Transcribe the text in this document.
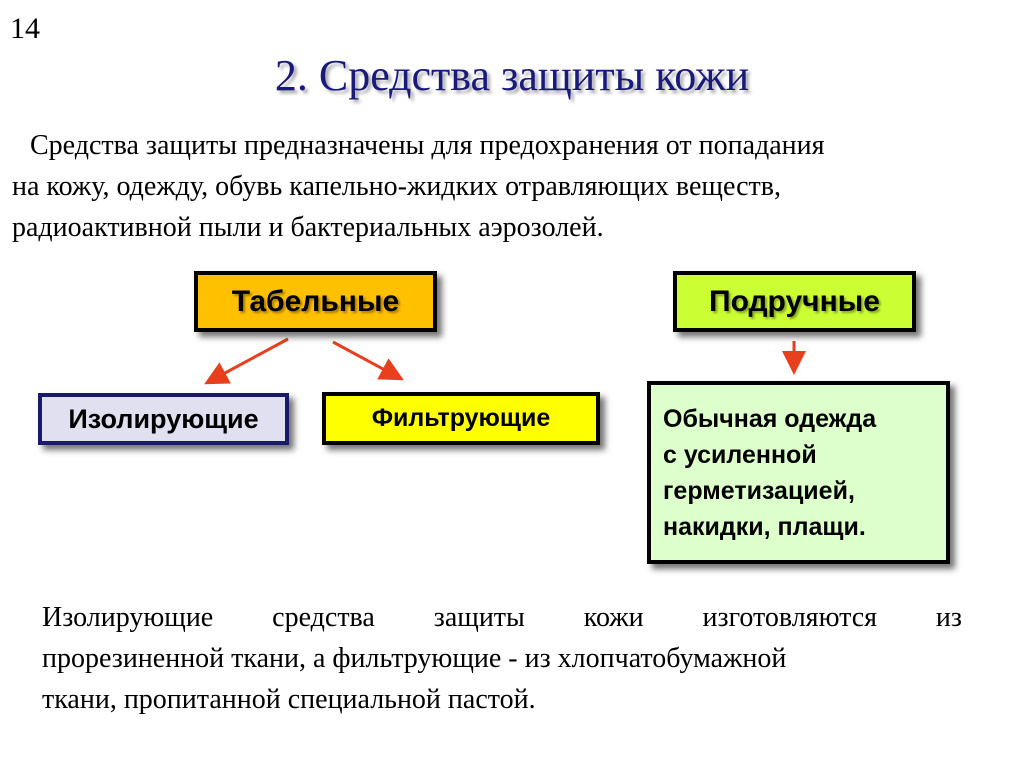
14
2. Средства защиты кожи
Средства защиты предназначены для предохранения от попадания
на кожу, одежду, обувь капельно-жидких отравляющих веществ,
радиоактивной пыли и бактериальных аэрозолей.
Табельные	Подручные
Изолирующие	Фильтрующие	Обычная одежда
с усиленной
герметизацией,
накидки, плащи.
Изолирующие средства защиты кожи изготовляются из
прорезиненной ткани, а фильтрующие - из хлопчатобумажной
ткани, пропитанной специальной пастой.
